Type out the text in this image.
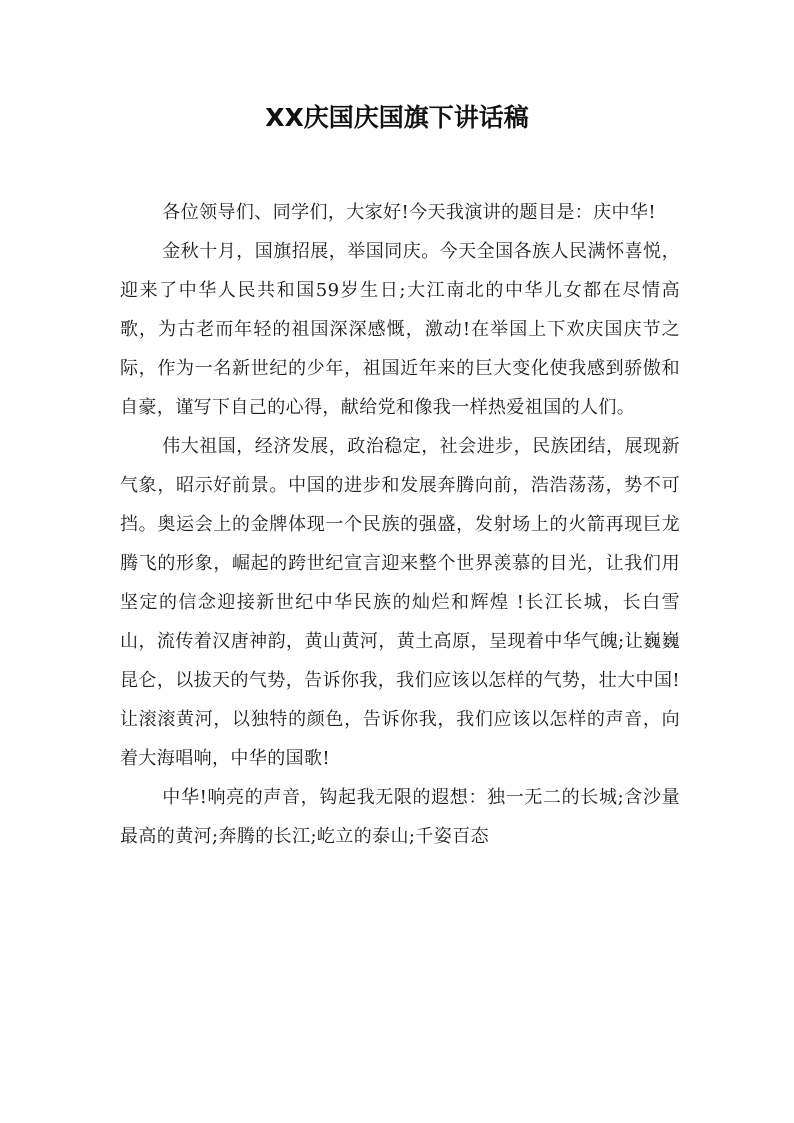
XX庆国庆国旗下讲话稿

各位领导们、同学们，大家好!今天我演讲的题目是：庆中华!

金秋十月，国旗招展，举国同庆。今天全国各族人民满怀喜悦，迎来了中华人民共和国59岁生日;大江南北的中华儿女都在尽情高歌，为古老而年轻的祖国深深感慨，激动!在举国上下欢庆国庆节之际，作为一名新世纪的少年，祖国近年来的巨大变化使我感到骄傲和自豪，谨写下自己的心得，献给党和像我一样热爱祖国的人们。

伟大祖国，经济发展，政治稳定，社会进步，民族团结，展现新气象，昭示好前景。中国的进步和发展奔腾向前，浩浩荡荡，势不可挡。奥运会上的金牌体现一个民族的强盛，发射场上的火箭再现巨龙腾飞的形象，崛起的跨世纪宣言迎来整个世界羡慕的目光，让我们用坚定的信念迎接新世纪中华民族的灿烂和辉煌 !长江长城，长白雪山，流传着汉唐神韵，黄山黄河，黄土高原，呈现着中华气魄;让巍巍昆仑，以拔天的气势，告诉你我，我们应该以怎样的气势，壮大中国!让滚滚黄河，以独特的颜色，告诉你我，我们应该以怎样的声音，向着大海唱响，中华的国歌!

中华!响亮的声音，钩起我无限的遐想：独一无二的长城;含沙量最高的黄河;奔腾的长江;屹立的泰山;千姿百态
